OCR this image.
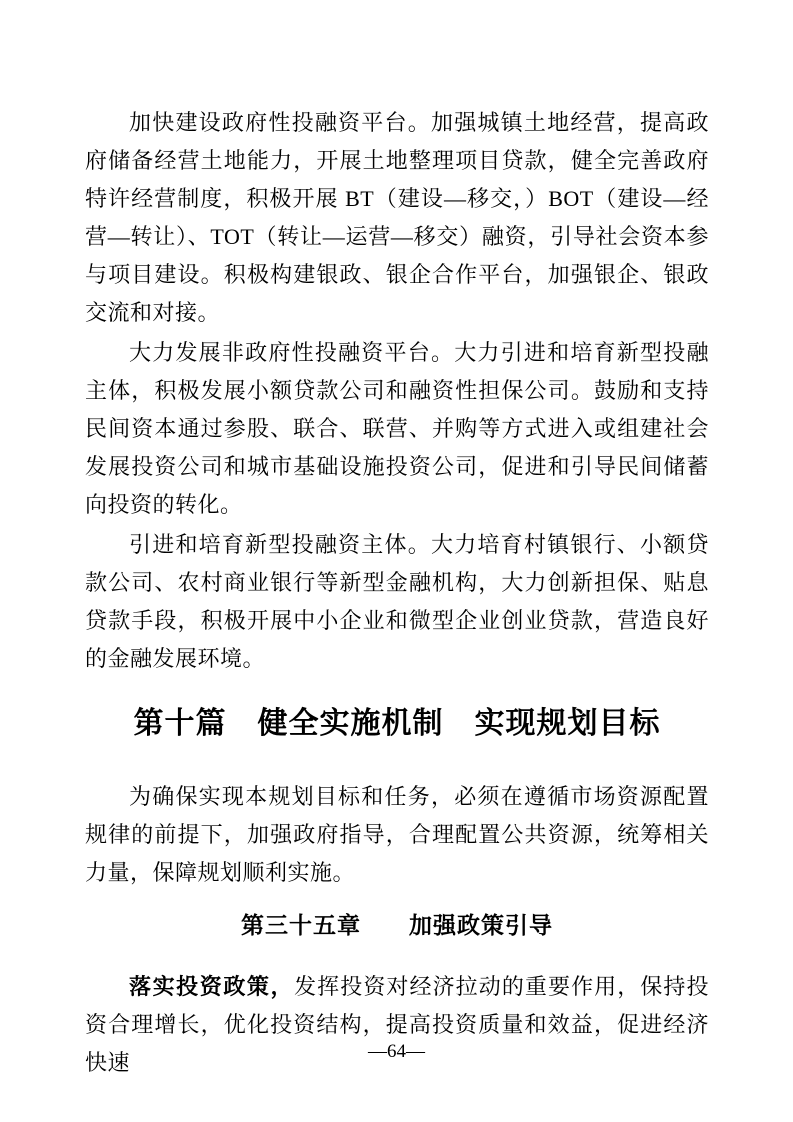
加快建设政府性投融资平台。加强城镇土地经营，提高政府储备经营土地能力，开展土地整理项目贷款，健全完善政府特许经营制度，积极开展 BT（建设—移交，）BOT（建设—经营—转让）、TOT（转让—运营—移交）融资，引导社会资本参与项目建设。积极构建银政、银企合作平台，加强银企、银政交流和对接。

大力发展非政府性投融资平台。大力引进和培育新型投融主体，积极发展小额贷款公司和融资性担保公司。鼓励和支持民间资本通过参股、联合、联营、并购等方式进入或组建社会发展投资公司和城市基础设施投资公司，促进和引导民间储蓄向投资的转化。

引进和培育新型投融资主体。大力培育村镇银行、小额贷款公司、农村商业银行等新型金融机构，大力创新担保、贴息贷款手段，积极开展中小企业和微型企业创业贷款，营造良好的金融发展环境。

第十篇　健全实施机制　实现规划目标

为确保实现本规划目标和任务，必须在遵循市场资源配置规律的前提下，加强政府指导，合理配置公共资源，统筹相关力量，保障规划顺利实施。

第三十五章　　加强政策引导

落实投资政策，发挥投资对经济拉动的重要作用，保持投资合理增长，优化投资结构，提高投资质量和效益，促进经济快速	—64—
